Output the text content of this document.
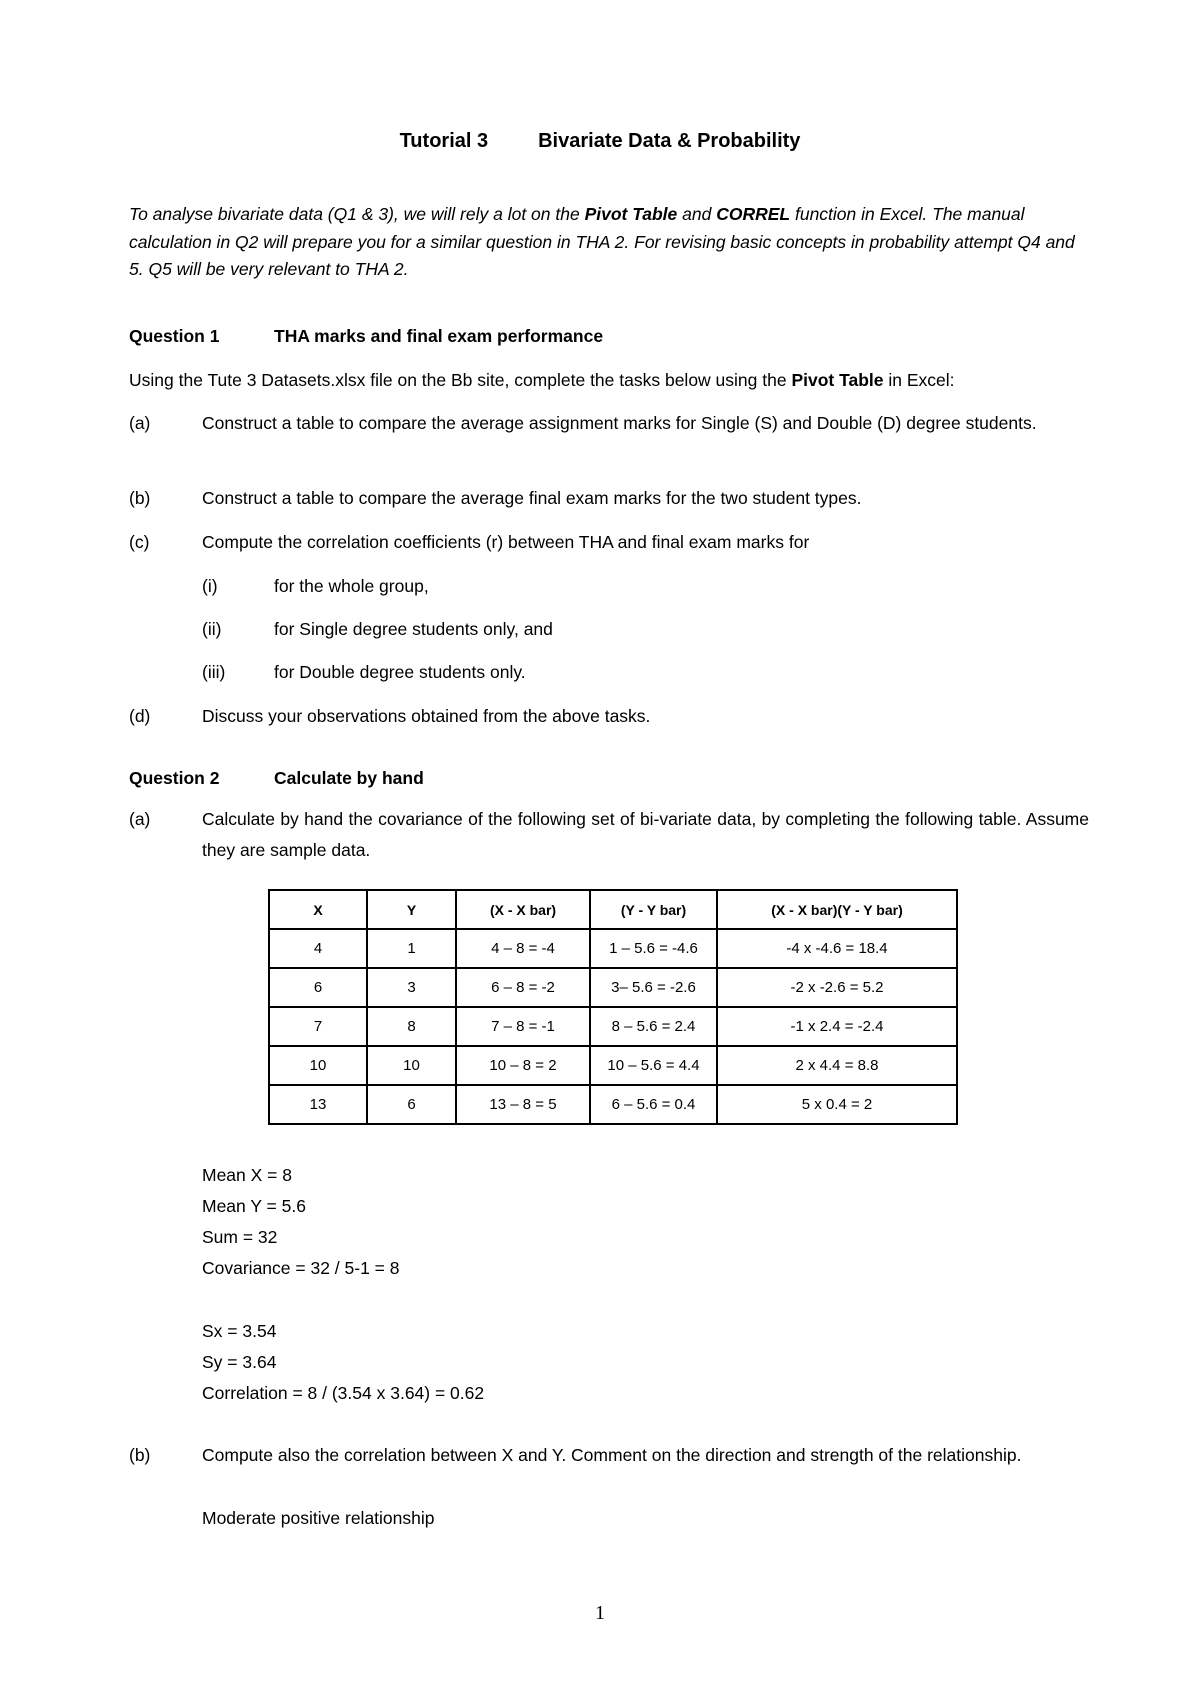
Tutorial 3	Bivariate Data & Probability

To analyse bivariate data (Q1 & 3), we will rely a lot on the Pivot Table and CORREL function in Excel. The manual calculation in Q2 will prepare you for a similar question in THA 2. For revising basic concepts in probability attempt Q4 and 5. Q5 will be very relevant to THA 2.

Question 1	THA marks and final exam performance

Using the Tute 3 Datasets.xlsx file on the Bb site, complete the tasks below using the Pivot Table in Excel:

(a)	Construct a table to compare the average assignment marks for Single (S) and Double (D) degree students.
(b)	Construct a table to compare the average final exam marks for the two student types.
(c)	Compute the correlation coefficients (r) between THA and final exam marks for
(i)	for the whole group,
(ii)	for Single degree students only, and
(iii)	for Double degree students only.
(d)	Discuss your observations obtained from the above tasks.
Question 2	Calculate by hand
(a)	Calculate by hand the covariance of the following set of bi-variate data, by completing the following table. Assume they are sample data.
X	Y	(X - X bar)	(Y - Y bar)	(X - X bar)(Y - Y bar)
4	1	4 – 8 = -4	1 – 5.6 = -4.6	-4 x -4.6 = 18.4
6	3	6 – 8 = -2	3– 5.6 = -2.6	-2 x -2.6 = 5.2
7	8	7 – 8 = -1	8 – 5.6 = 2.4	-1 x 2.4 = -2.4
10	10	10 – 8 = 2	10 – 5.6 = 4.4	2 x 4.4 = 8.8
13	6	13 – 8 = 5	6 – 5.6 = 0.4	5 x 0.4 = 2
Mean X = 8
Mean Y = 5.6
Sum = 32
Covariance = 32 / 5-1 = 8
Sx = 3.54
Sy = 3.64
Correlation = 8 / (3.54 x 3.64) = 0.62
(b)	Compute also the correlation between X and Y. Comment on the direction and strength of the relationship.
Moderate positive relationship
1
